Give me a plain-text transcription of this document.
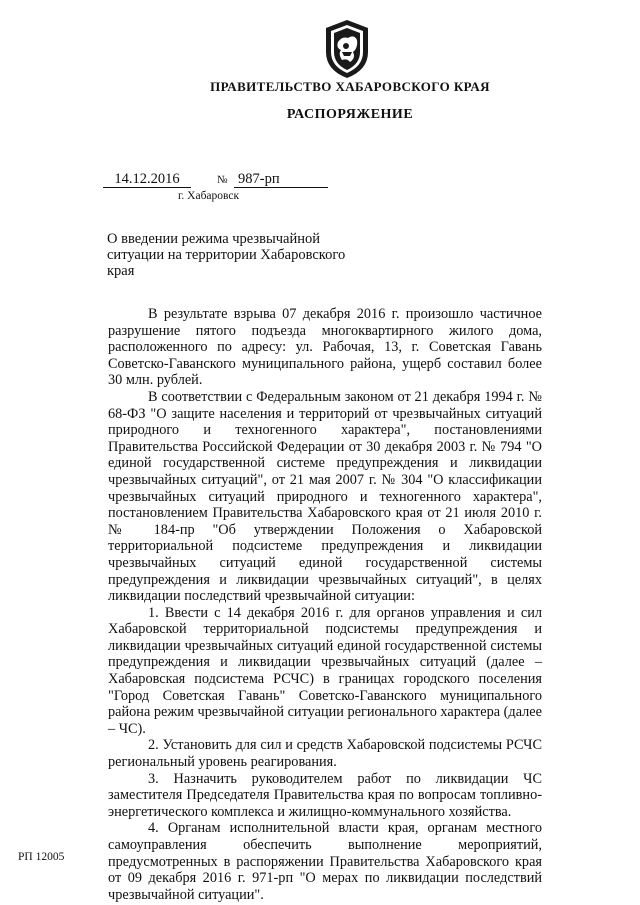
ПРАВИТЕЛЬСТВО ХАБАРОВСКОГО КРАЯ
РАСПОРЯЖЕНИЕ
14.12.2016	№ 987-рп
г. Хабаровск
О введении режима чрезвычайной ситуации на территории Хабаровского края

В результате взрыва 07 декабря 2016 г. произошло частичное разрушение пятого подъезда многоквартирного жилого дома, расположенного по адресу: ул. Рабочая, 13, г. Советская Гавань Советско-Гаванского муниципального района, ущерб составил более 30 млн. рублей.

В соответствии с Федеральным законом от 21 декабря 1994 г. № 68-ФЗ "О защите населения и территорий от чрезвычайных ситуаций природного и техногенного характера", постановлениями Правительства Российской Федерации от 30 декабря 2003 г. № 794 "О единой государственной системе предупреждения и ликвидации чрезвычайных ситуаций", от 21 мая 2007 г. № 304 "О классификации чрезвычайных ситуаций природного и техногенного характера", постановлением Правительства Хабаровского края от 21 июля 2010 г. № 184-пр "Об утверждении Положения о Хабаровской территориальной подсистеме предупреждения и ликвидации чрезвычайных ситуаций единой государственной системы предупреждения и ликвидации чрезвычайных ситуаций", в целях ликвидации последствий чрезвычайной ситуации:

1. Ввести с 14 декабря 2016 г. для органов управления и сил Хабаровской территориальной подсистемы предупреждения и ликвидации чрезвычайных ситуаций единой государственной системы предупреждения и ликвидации чрезвычайных ситуаций (далее – Хабаровская подсистема РСЧС) в границах городского поселения "Город Советская Гавань" Советско-Гаванского муниципального района режим чрезвычайной ситуации регионального характера (далее – ЧС).

2. Установить для сил и средств Хабаровской подсистемы РСЧС региональный уровень реагирования.

3. Назначить руководителем работ по ликвидации ЧС заместителя Председателя Правительства края по вопросам топливно-энергетического комплекса и жилищно-коммунального хозяйства.

4. Органам исполнительной власти края, органам местного самоуправления обеспечить выполнение мероприятий, предусмотренных в распоряжении Правительства Хабаровского края от 09 декабря 2016 г. 971-рп "О мерах по ликвидации последствий чрезвычайной ситуации".

РП 12005
